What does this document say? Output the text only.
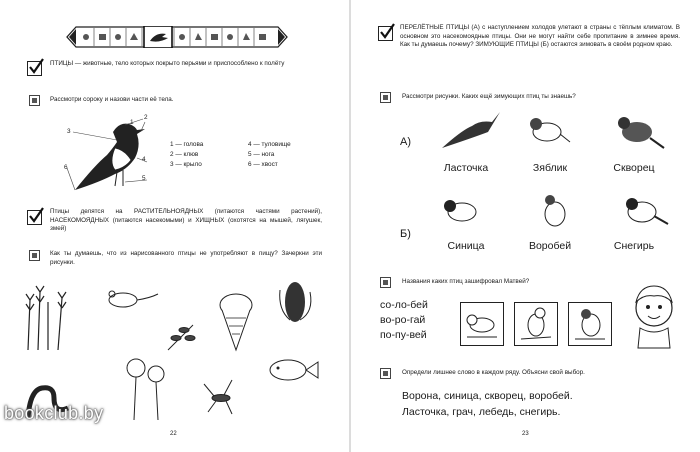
ПТИЦЫ — животные, тело которых покрыто перьями и приспособлено к полёту
Рассмотри сороку и назови части её тела.
2
1
3
4
5
6
1 — голова
2 — клюв
3 — крыло
4 — туловище
5 — нога
6 — хвост
Птицы делятся на РАСТИТЕЛЬНОЯДНЫХ (питаются частями растений), НАСЕКОМОЯДНЫХ (питаются насекомыми) и ХИЩНЫХ (охотятся на мышей, лягушек, змей)
Как ты думаешь, что из нарисованного птицы не употребляют в пищу? Зачеркни эти рисунки.
22
ПЕРЕЛЁТНЫЕ ПТИЦЫ (А) с наступлением холодов улетают в страны с тёплым климатом. В основном это насекомоядные птицы. Они не могут найти себе пропитание в зимнее время. Как ты думаешь почему? ЗИМУЮЩИЕ ПТИЦЫ (Б) остаются зимовать в своём родном краю.
Рассмотри рисунки. Каких ещё зимующих птиц ты знаешь?
А)
Ласточка	Зяблик	Скворец
Б)
Синица	Воробей	Снегирь
Названия каких птиц зашифровал Матвей?
со-ло-бей
во-ро-гай
по-пу-вей
Определи лишнее слово в каждом ряду. Объясни свой выбор.
Ворона, синица, скворец, воробей.
Ласточка, грач, лебедь, снегирь.
23
bookclub.by
